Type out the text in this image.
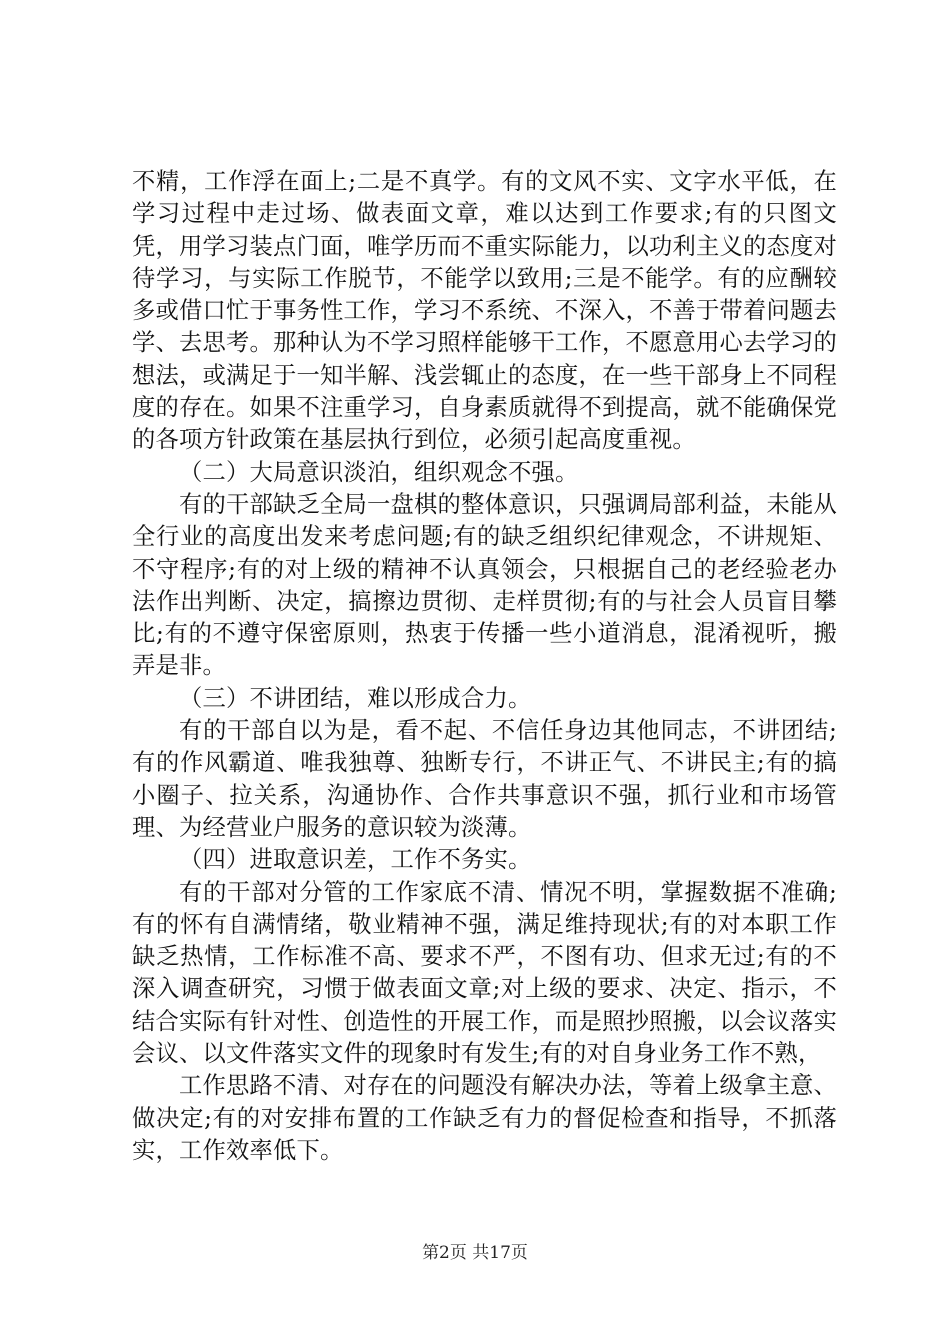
不精，工作浮在面上;二是不真学。有的文风不实、文字水平低，在学习过程中走过场、做表面文章，难以达到工作要求;有的只图文凭，用学习装点门面，唯学历而不重实际能力，以功利主义的态度对待学习，与实际工作脱节，不能学以致用;三是不能学。有的应酬较多或借口忙于事务性工作，学习不系统、不深入，不善于带着问题去学、去思考。那种认为不学习照样能够干工作，不愿意用心去学习的想法，或满足于一知半解、浅尝辄止的态度，在一些干部身上不同程度的存在。如果不注重学习，自身素质就得不到提高，就不能确保党的各项方针政策在基层执行到位，必须引起高度重视。

（二）大局意识淡泊，组织观念不强。

有的干部缺乏全局一盘棋的整体意识，只强调局部利益，未能从全行业的高度出发来考虑问题;有的缺乏组织纪律观念，不讲规矩、不守程序;有的对上级的精神不认真领会，只根据自己的老经验老办法作出判断、决定，搞擦边贯彻、走样贯彻;有的与社会人员盲目攀比;有的不遵守保密原则，热衷于传播一些小道消息，混淆视听，搬弄是非。

（三）不讲团结，难以形成合力。

有的干部自以为是，看不起、不信任身边其他同志，不讲团结;有的作风霸道、唯我独尊、独断专行，不讲正气、不讲民主;有的搞小圈子、拉关系，沟通协作、合作共事意识不强，抓行业和市场管理、为经营业户服务的意识较为淡薄。

（四）进取意识差，工作不务实。

有的干部对分管的工作家底不清、情况不明，掌握数据不准确;有的怀有自满情绪，敬业精神不强，满足维持现状;有的对本职工作缺乏热情，工作标准不高、要求不严，不图有功、但求无过;有的不深入调查研究，习惯于做表面文章;对上级的要求、决定、指示，不结合实际有针对性、创造性的开展工作，而是照抄照搬，以会议落实会议、以文件落实文件的现象时有发生;有的对自身业务工作不熟，

工作思路不清、对存在的问题没有解决办法，等着上级拿主意、做决定;有的对安排布置的工作缺乏有力的督促检查和指导，不抓落实，工作效率低下。

第2页 共17页
